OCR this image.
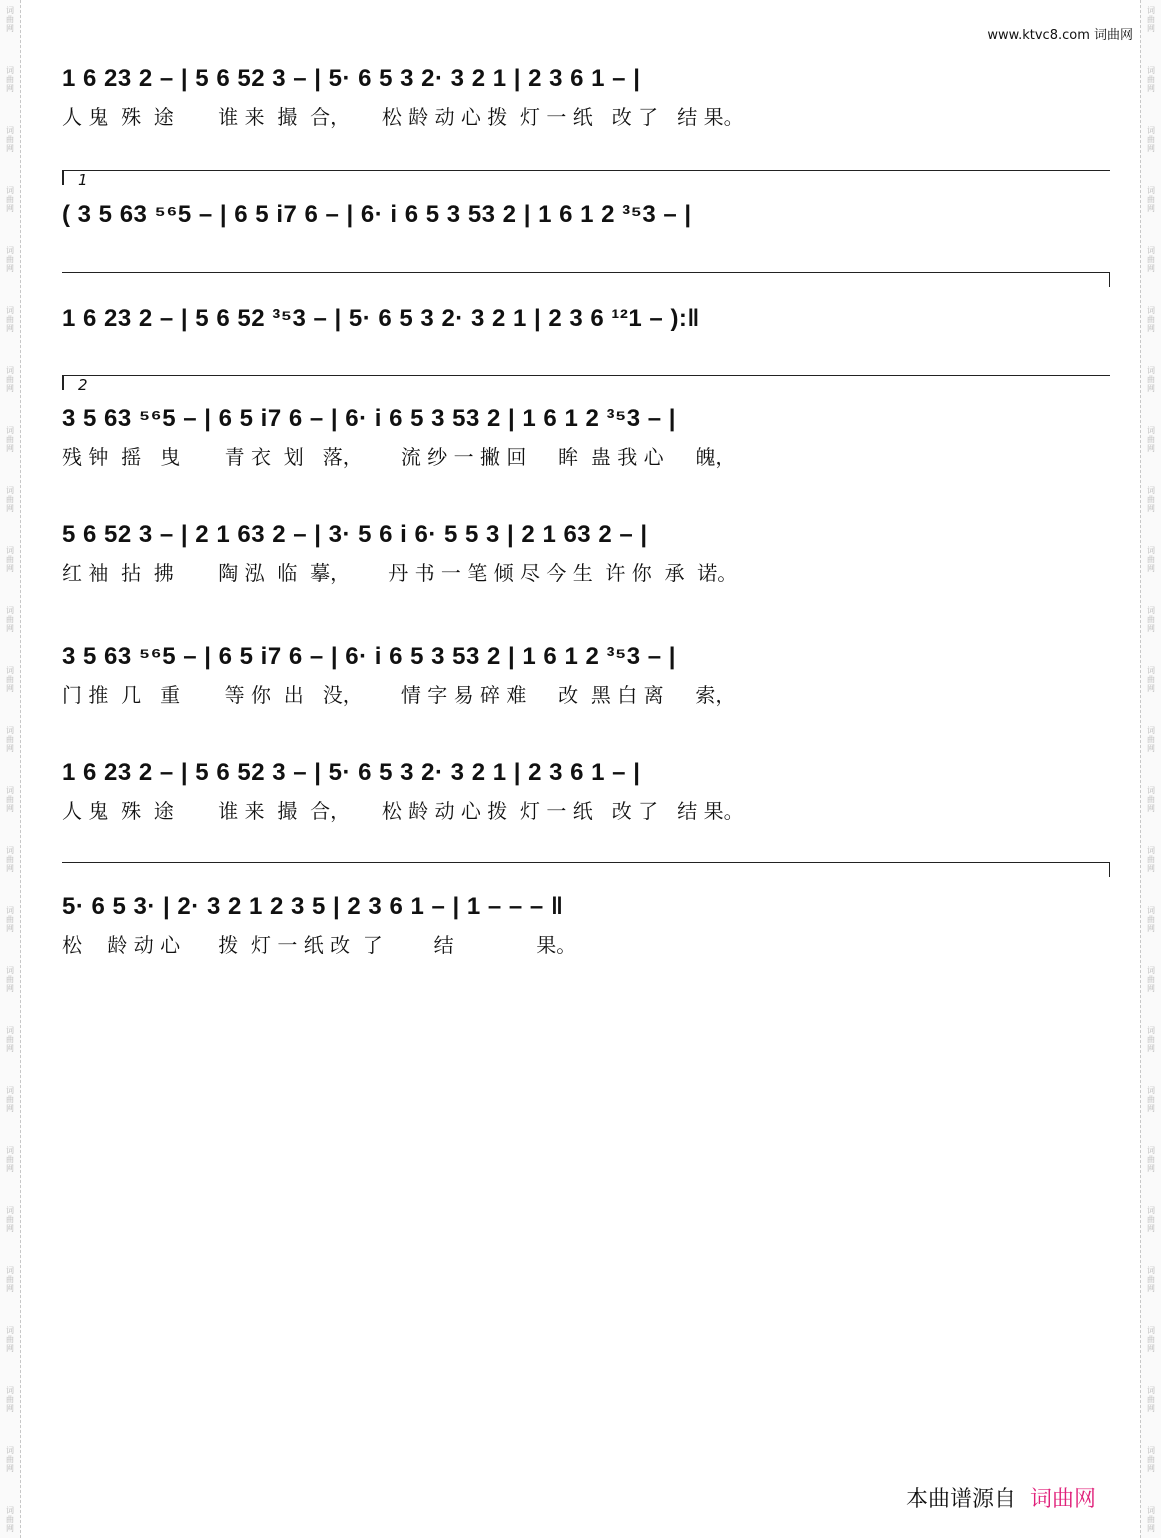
词
曲
网
词
曲
网
词
曲
网
词
曲
网
词
曲
网
词
曲
网
词
曲
网
词
曲
网
词
曲
网
词
曲
网
词
曲
网
词
曲
网
词
曲
网
词
曲
网
词
曲
网
词
曲
网
词
曲
网
词
曲
网
词
曲
网
词
曲
网
词
曲
网
词
曲
网
词
曲
网
词
曲
网
词
曲
网
词
曲
网
词
曲
网
词
曲
网
词
曲
网
词
曲
网
词
曲
网
词
曲
网
词
曲
网
词
曲
网
词
曲
网
词
曲
网
词
曲
网
词
曲
网
词
曲
网
词
曲
网
词
曲
网
词
曲
网
词
曲
网
词
曲
网
词
曲
网
词
曲
网
词
曲
网
词
曲
网
词
曲
网
词
曲
网
词
曲
网
词
曲
网
www.ktvc8.com 词曲网
1 6 23 2 – | 5 6 52 3 – | 5· 6 5 3 2· 3 2 1 | 2 3 6 1 – |
人 鬼  殊  途       谁 来  撮  合，     松 龄 动 心 拨  灯 一 纸   改 了   结 果。
1
( 3 5 63 ⁵⁶5 – | 6 5 i7 6 – | 6· i 6 5 3 53 2 | 1 6 1 2 ³⁵3 – |
1 6 23 2 – | 5 6 52 ³⁵3 – | 5· 6 5 3 2· 3 2 1 | 2 3 6 ¹²1 – ):‖
2
3 5 63 ⁵⁶5 – | 6 5 i7 6 – | 6· i 6 5 3 53 2 | 1 6 1 2 ³⁵3 – |
残 钟  摇   曳       青 衣  划   落，      流 纱 一 撇 回     眸  蛊 我 心     魄，
5 6 52 3 – | 2 1 63 2 – | 3· 5 6 i 6· 5 5 3 | 2 1 63 2 – |
红 袖  拈  拂       陶 泓  临  摹，      丹 书 一 笔 倾 尽 今 生  许 你  承  诺。
3 5 63 ⁵⁶5 – | 6 5 i7 6 – | 6· i 6 5 3 53 2 | 1 6 1 2 ³⁵3 – |
门 推  几   重       等 你  出   没，      情 字 易 碎 难     改  黑 白 离     索，
1 6 23 2 – | 5 6 52 3 – | 5· 6 5 3 2· 3 2 1 | 2 3 6 1 – |
人 鬼  殊  途       谁 来  撮  合，     松 龄 动 心 拨  灯 一 纸   改 了   结 果。
5· 6 5 3· | 2· 3 2 1 2 3 5 | 2 3 6 1 – | 1 – – – ‖
松    龄 动 心      拨  灯 一 纸 改  了        结             果。
本曲谱源自 词曲网
